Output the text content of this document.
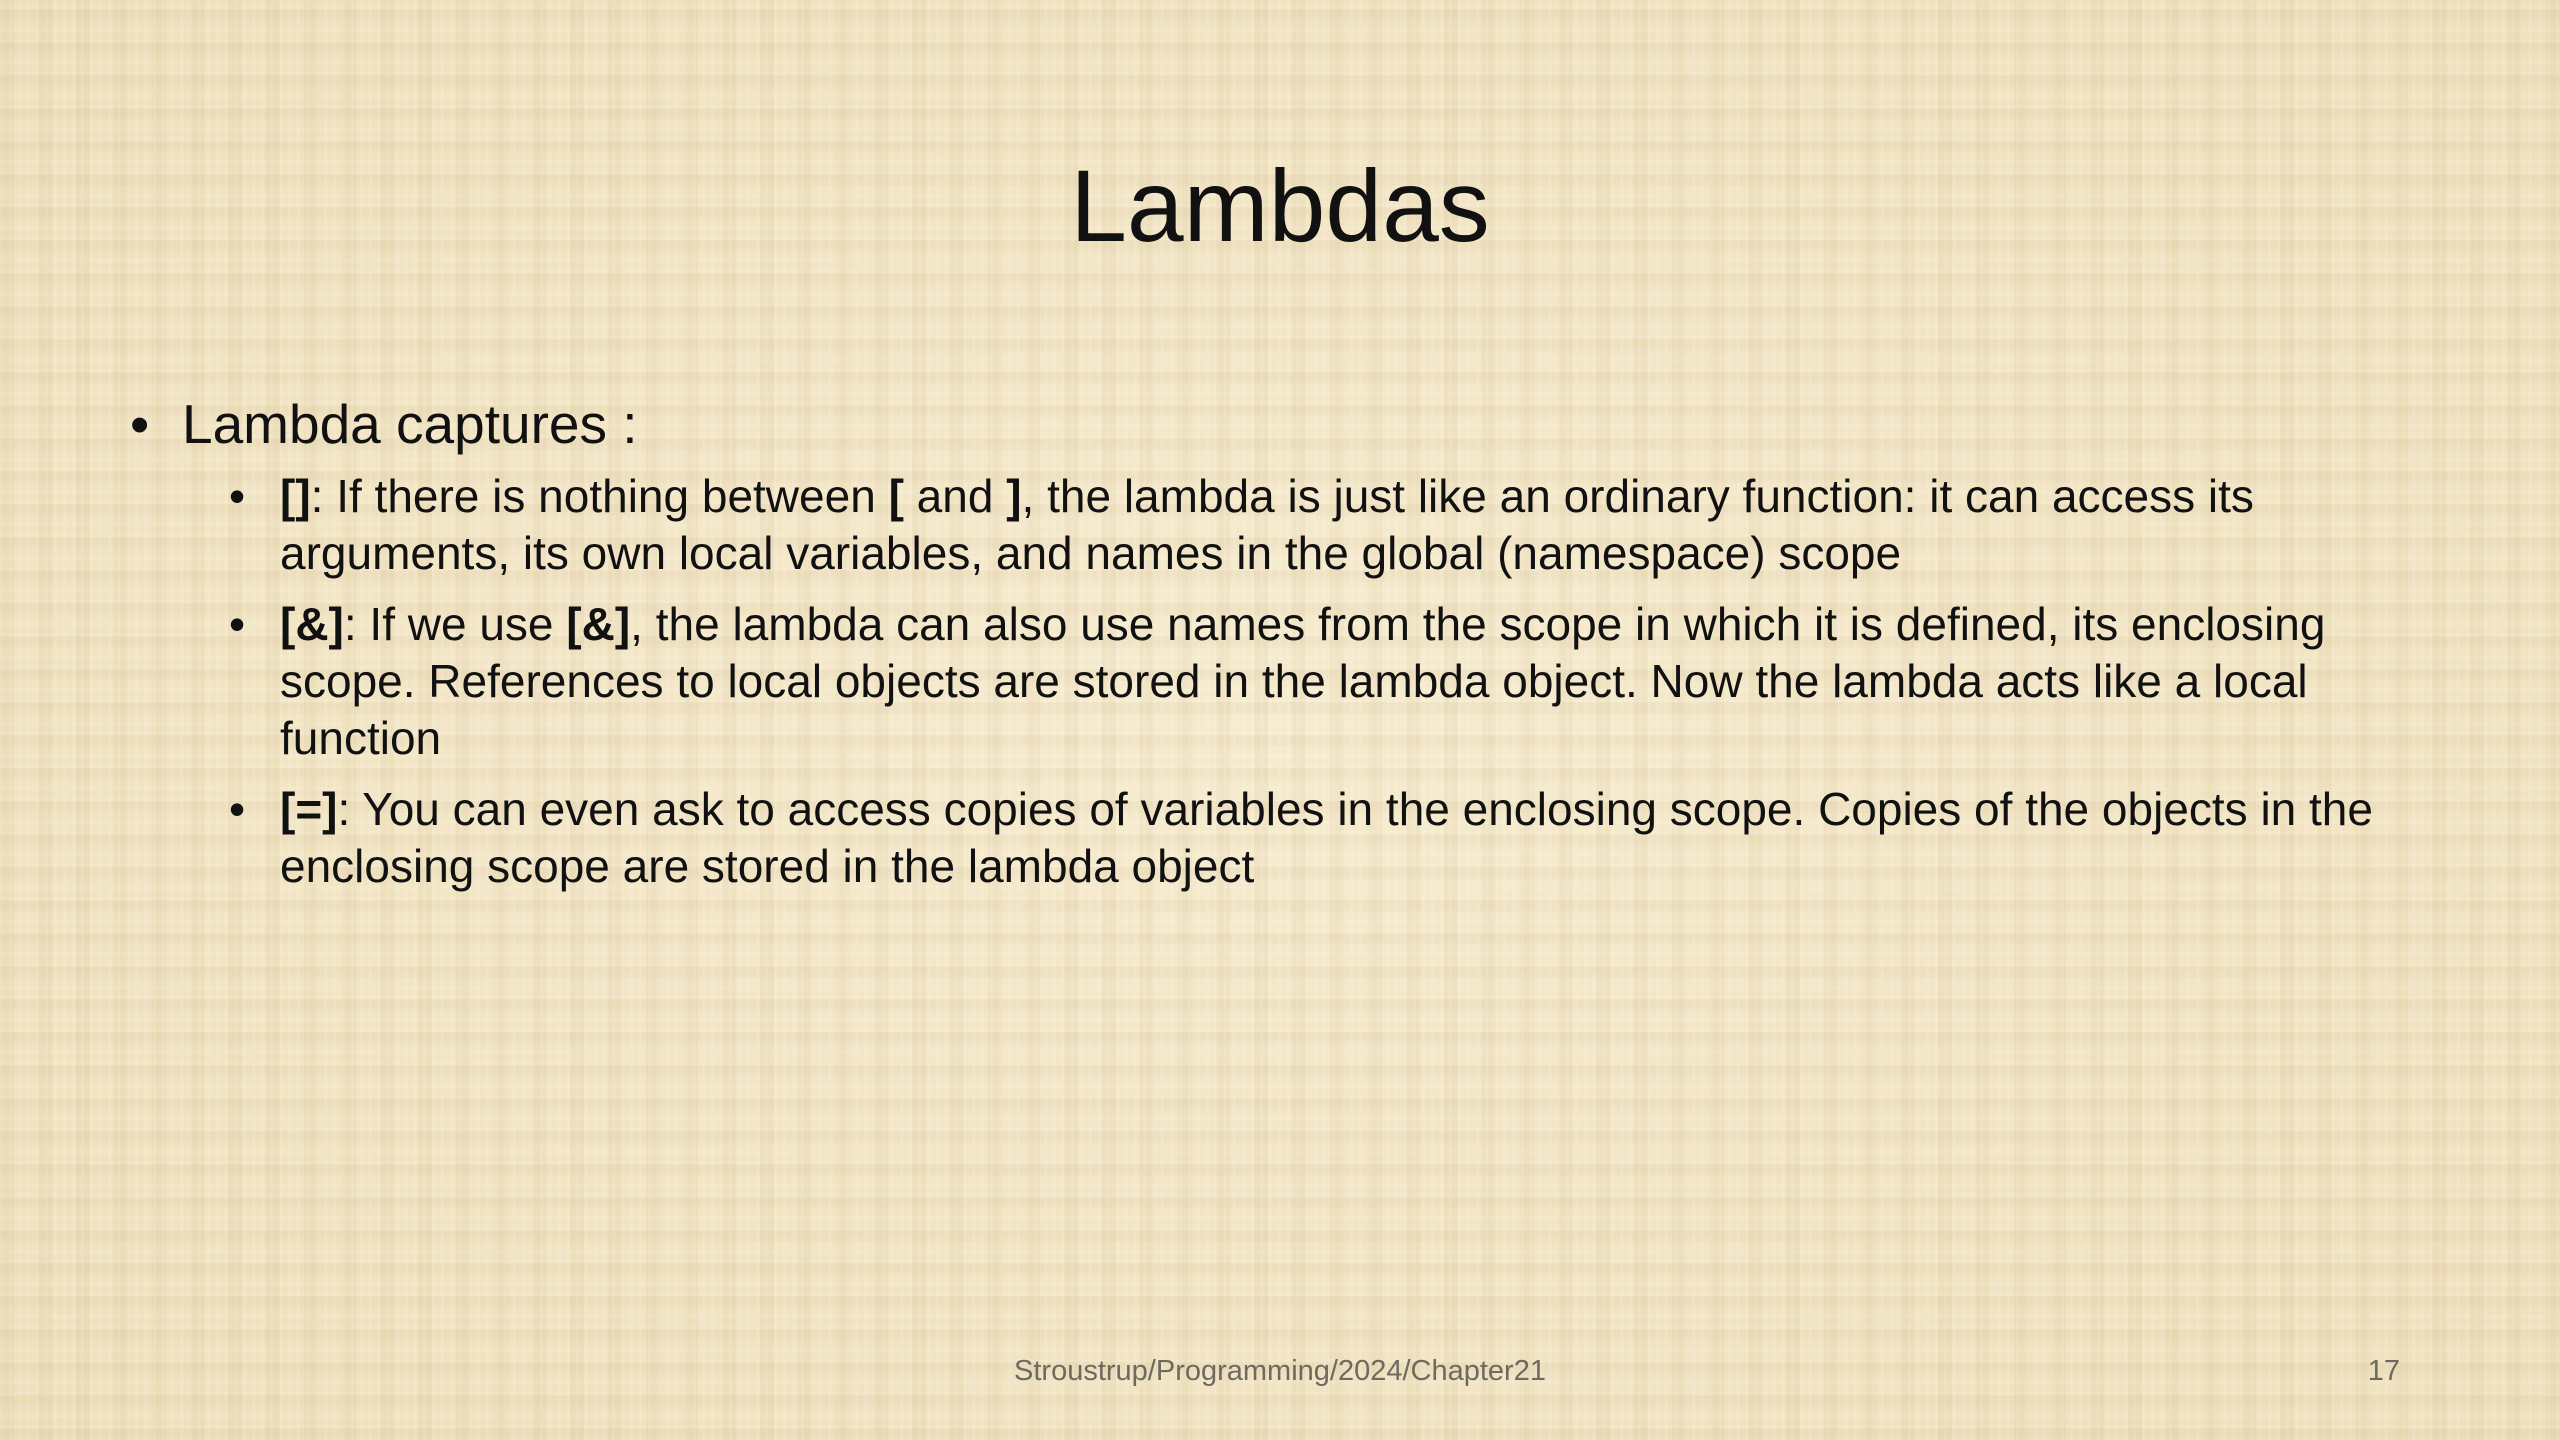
Lambdas
• Lambda captures :
• []: If there is nothing between [ and ], the lambda is just like an ordinary function: it can access its arguments, its own local variables, and names in the global (namespace) scope
• [&]: If we use [&], the lambda can also use names from the scope in which it is defined, its enclosing scope. References to local objects are stored in the lambda object. Now the lambda acts like a local function
• [=]: You can even ask to access copies of variables in the enclosing scope. Copies of the objects in the enclosing scope are stored in the lambda object
Stroustrup/Programming/2024/Chapter21	17
